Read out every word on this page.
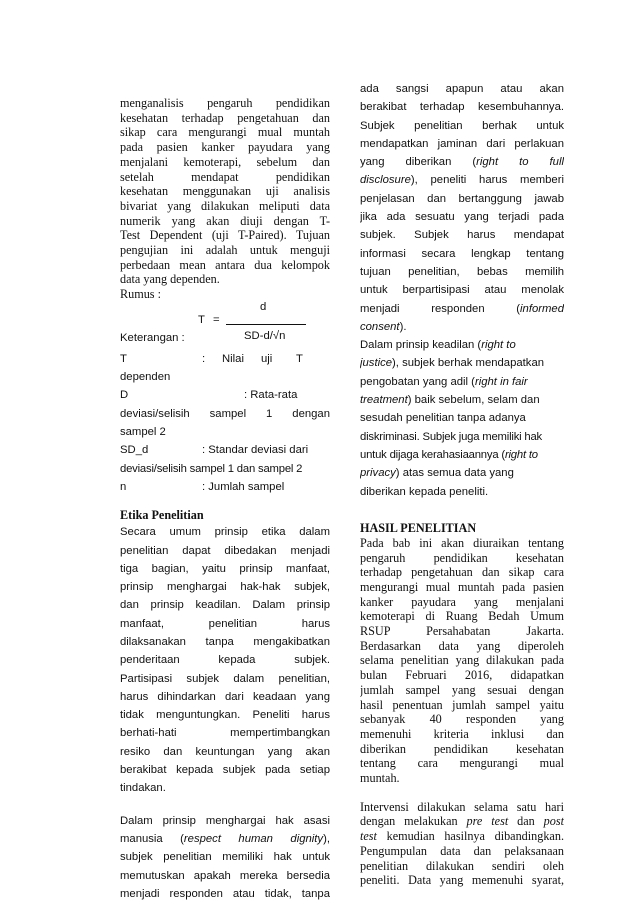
menganalisis pengaruh pendidikan
kesehatan terhadap pengetahuan dan
sikap cara mengurangi mual muntah
pada pasien kanker payudara yang
menjalani kemoterapi, sebelum dan
setelah mendapat pendidikan
kesehatan menggunakan uji analisis
bivariat yang dilakukan meliputi data
numerik yang akan diuji dengan T-
Test Dependent (uji T-Paired). Tujuan
pengujian ini adalah untuk menguji
perbedaan mean antara dua kelompok
data yang dependen.
Rumus :
d
T =
SD-d/√n
Keterangan :
T	: Nilai uji T
dependen
D	: Rata-rata
deviasi/selisih sampel 1 dengan
sampel 2
SD_d	: Standar deviasi dari
deviasi/selisih sampel 1 dan sampel 2
n	: Jumlah sampel
Etika Penelitian
Secara umum prinsip etika dalam
penelitian dapat dibedakan menjadi
tiga bagian, yaitu prinsip manfaat,
prinsip menghargai hak-hak subjek,
dan prinsip keadilan. Dalam prinsip
manfaat, penelitian harus
dilaksanakan tanpa mengakibatkan
penderitaan kepada subjek.
Partisipasi subjek dalam penelitian,
harus dihindarkan dari keadaan yang
tidak menguntungkan. Peneliti harus
berhati-hati mempertimbangkan
resiko dan keuntungan yang akan
berakibat kepada subjek pada setiap
tindakan.
Dalam prinsip menghargai hak asasi
manusia (respect human dignity),
subjek penelitian memiliki hak untuk
memutuskan apakah mereka bersedia
menjadi responden atau tidak, tanpa
ada sangsi apapun atau akan
berakibat terhadap kesembuhannya.
Subjek penelitian berhak untuk
mendapatkan jaminan dari perlakuan
yang diberikan (right to full
disclosure), peneliti harus memberi
penjelasan dan bertanggung jawab
jika ada sesuatu yang terjadi pada
subjek. Subjek harus mendapat
informasi secara lengkap tentang
tujuan penelitian, bebas memilih
untuk berpartisipasi atau menolak
menjadi responden (informed
consent).
Dalam prinsip keadilan (right to
justice), subjek berhak mendapatkan
pengobatan yang adil (right in fair
treatment) baik sebelum, selam dan
sesudah penelitian tanpa adanya
diskriminasi. Subjek juga memiliki hak
untuk dijaga kerahasiaannya (right to
privacy) atas semua data yang
diberikan kepada peneliti.
HASIL PENELITIAN
Pada bab ini akan diuraikan tentang
pengaruh pendidikan kesehatan
terhadap pengetahuan dan sikap cara
mengurangi mual muntah pada pasien
kanker payudara yang menjalani
kemoterapi di Ruang Bedah Umum
RSUP Persahabatan Jakarta.
Berdasarkan data yang diperoleh
selama penelitian yang dilakukan pada
bulan Februari 2016, didapatkan
jumlah sampel yang sesuai dengan
hasil penentuan jumlah sampel yaitu
sebanyak 40 responden yang
memenuhi kriteria inklusi dan
diberikan pendidikan kesehatan
tentang cara mengurangi mual
muntah.
Intervensi dilakukan selama satu hari
dengan melakukan pre test dan post
test kemudian hasilnya dibandingkan.
Pengumpulan data dan pelaksanaan
penelitian dilakukan sendiri oleh
peneliti. Data yang memenuhi syarat,
